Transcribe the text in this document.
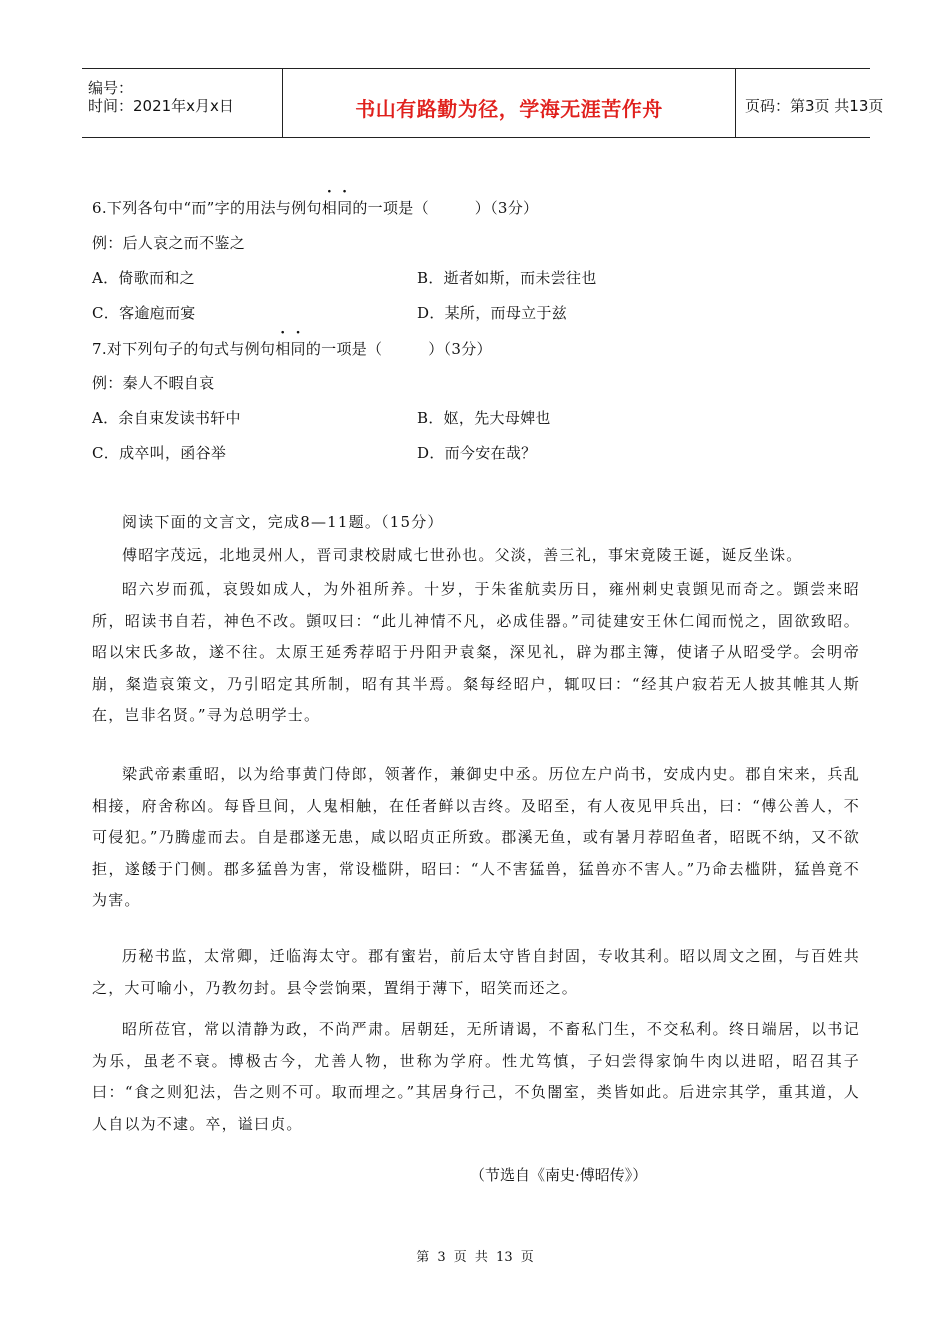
编号：
时间：2021年x月x日	书山有路勤为径，学海无涯苦作舟	页码：第3页 共13页
6.下列各句中“而”字的用法与例句相同的一项是（　　　）（3分）
例：后人哀之而不鉴之
A．倚歌而和之	B．逝者如斯，而未尝往也
C．客逾庖而宴	D．某所，而母立于兹
7.对下列句子的句式与例句相同的一项是（　　　）（3分）
例：秦人不暇自哀
A．余自束发读书轩中	B．妪，先大母婢也
C．成卒叫，函谷举	D．而今安在哉？
阅读下面的文言文，完成8—11题。（15分）
傅昭字茂远，北地灵州人，晋司隶校尉咸七世孙也。父淡，善三礼，事宋竟陵王诞，诞反坐诛。
昭六岁而孤，哀毁如成人，为外祖所养。十岁，于朱雀航卖历日，雍州刺史袁顗见而奇之。顗尝来昭所，昭读书自若，神色不改。顗叹曰：“此儿神情不凡，必成佳器。”司徒建安王休仁闻而悦之，固欲致昭。昭以宋氏多故，遂不往。太原王延秀荐昭于丹阳尹袁粲，深见礼，辟为郡主簿，使诸子从昭受学。会明帝崩，粲造哀策文，乃引昭定其所制，昭有其半焉。粲每经昭户，辄叹曰：“经其户寂若无人披其帷其人斯在，岂非名贤。”寻为总明学士。
梁武帝素重昭，以为给事黄门侍郎，领著作，兼御史中丞。历位左户尚书，安成内史。郡自宋来，兵乱相接，府舍称凶。每昏旦间，人鬼相触，在任者鲜以吉终。及昭至，有人夜见甲兵出，曰：“傅公善人，不可侵犯。”乃腾虚而去。自是郡遂无患，咸以昭贞正所致。郡溪无鱼，或有暑月荐昭鱼者，昭既不纳，又不欲拒，遂餧于门侧。郡多猛兽为害，常设槛阱，昭曰：“人不害猛兽，猛兽亦不害人。”乃命去槛阱，猛兽竟不为害。
历秘书监，太常卿，迁临海太守。郡有蜜岩，前后太守皆自封固，专收其利。昭以周文之囿，与百姓共之，大可喻小，乃教勿封。县令尝饷栗，置绢于薄下，昭笑而还之。
昭所莅官，常以清静为政，不尚严肃。居朝廷，无所请谒，不畜私门生，不交私利。终日端居，以书记为乐，虽老不衰。博极古今，尤善人物，世称为学府。性尤笃慎，子妇尝得家饷牛肉以进昭，昭召其子曰：“食之则犯法，告之则不可。取而埋之。”其居身行己，不负闇室，类皆如此。后进宗其学，重其道，人人自以为不逮。卒，谥曰贞。
（节选自《南史·傅昭传》）
第 3 页 共 13 页
